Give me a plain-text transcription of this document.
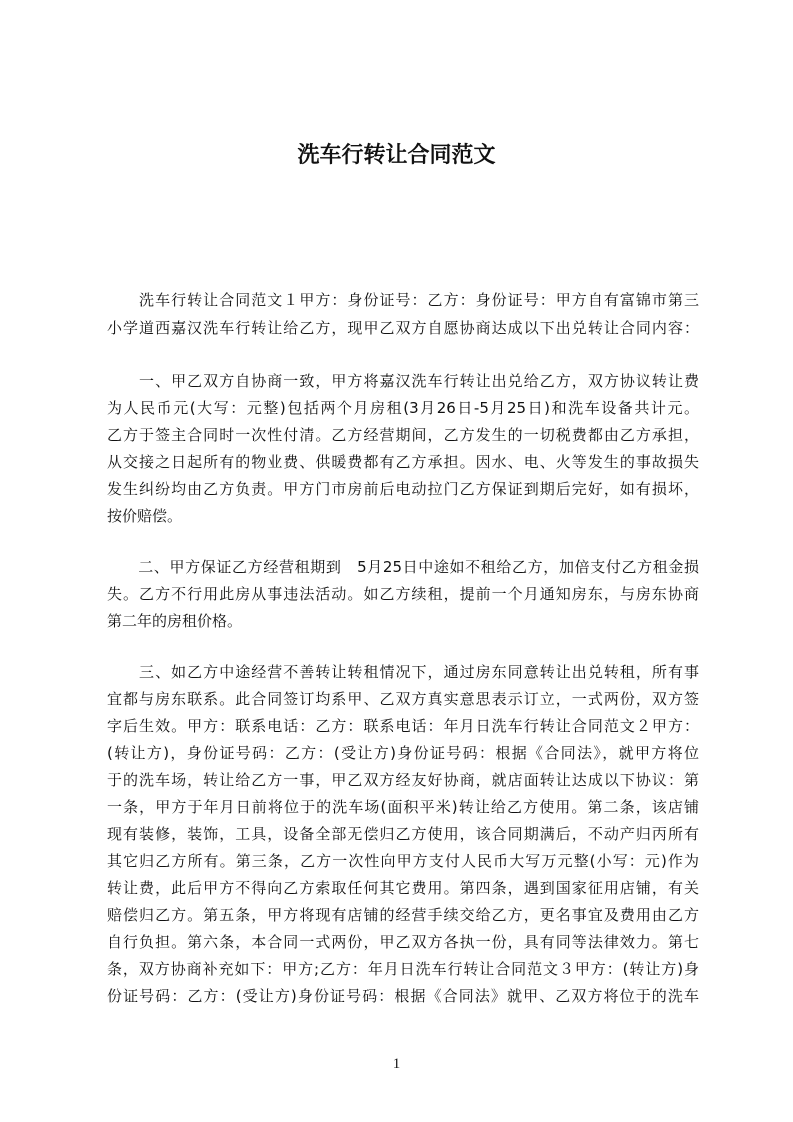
洗车行转让合同范文
　　洗车行转让合同范文１甲方：身份证号：乙方：身份证号：甲方自有富锦市第三
小学道西嘉汉洗车行转让给乙方，现甲乙双方自愿协商达成以下出兑转让合同内容：
　　一、甲乙双方自协商一致，甲方将嘉汉洗车行转让出兑给乙方，双方协议转让费
为人民币元(大写：元整)包括两个月房租(3月26日-5月25日)和洗车设备共计元。
乙方于签主合同时一次性付清。乙方经营期间，乙方发生的一切税费都由乙方承担，
从交接之日起所有的物业费、供暖费都有乙方承担。因水、电、火等发生的事故损失
发生纠纷均由乙方负责。甲方门市房前后电动拉门乙方保证到期后完好，如有损坏，
按价赔偿。
　　二、甲方保证乙方经营租期到　5月25日中途如不租给乙方，加倍支付乙方租金损
失。乙方不行用此房从事违法活动。如乙方续租，提前一个月通知房东，与房东协商
第二年的房租价格。
　　三、如乙方中途经营不善转让转租情况下，通过房东同意转让出兑转租，所有事
宜都与房东联系。此合同签订均系甲、乙双方真实意思表示订立，一式两份，双方签
字后生效。甲方：联系电话：乙方：联系电话：年月日洗车行转让合同范文２甲方：
(转让方)，身份证号码：乙方：(受让方)身份证号码：根据《合同法》，就甲方将位
于的洗车场，转让给乙方一事，甲乙双方经友好协商，就店面转让达成以下协议：第
一条，甲方于年月日前将位于的洗车场(面积平米)转让给乙方使用。第二条，该店铺
现有装修，装饰，工具，设备全部无偿归乙方使用，该合同期满后，不动产归丙所有
其它归乙方所有。第三条，乙方一次性向甲方支付人民币大写万元整(小写：元)作为
转让费，此后甲方不得向乙方索取任何其它费用。第四条，遇到国家征用店铺，有关
赔偿归乙方。第五条，甲方将现有店铺的经营手续交给乙方，更名事宜及费用由乙方
自行负担。第六条，本合同一式两份，甲乙双方各执一份，具有同等法律效力。第七
条，双方协商补充如下：甲方;乙方：年月日洗车行转让合同范文３甲方：(转让方)身
份证号码：乙方：(受让方)身份证号码：根据《合同法》就甲、乙双方将位于的洗车
1
